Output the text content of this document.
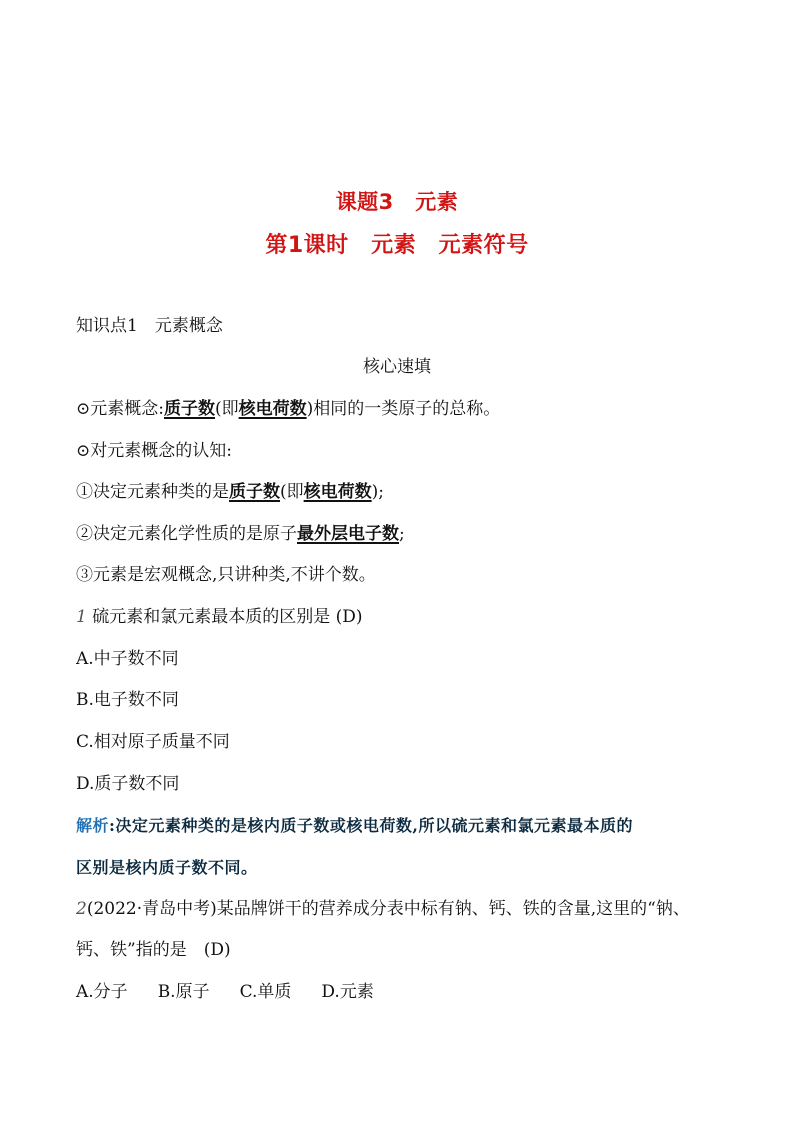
课题3　元素
第1课时　元素　元素符号
知识点1　元素概念
核心速填
⊙元素概念:质子数(即核电荷数)相同的一类原子的总称。
⊙对元素概念的认知:
①决定元素种类的是质子数(即核电荷数);
②决定元素化学性质的是原子最外层电子数;
③元素是宏观概念,只讲种类,不讲个数。
1 硫元素和氯元素最本质的区别是 (D)
A.中子数不同
B.电子数不同
C.相对原子质量不同
D.质子数不同
解析:决定元素种类的是核内质子数或核电荷数,所以硫元素和氯元素最本质的
区别是核内质子数不同。
2(2022·青岛中考)某品牌饼干的营养成分表中标有钠、钙、铁的含量,这里的“钠、
钙、铁”指的是　(D)
A.分子 B.原子 C.单质 D.元素
